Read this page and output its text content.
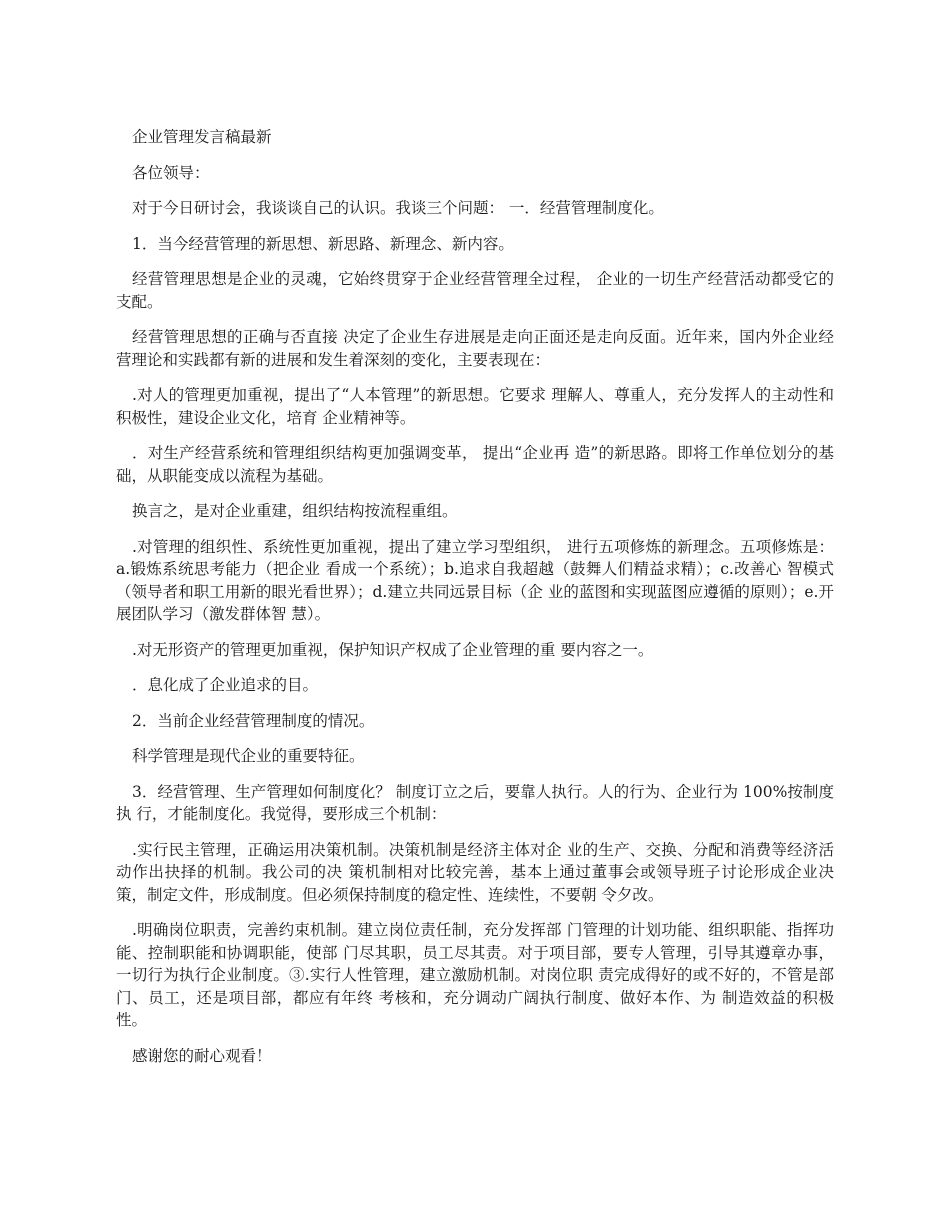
企业管理发言稿最新

各位领导：

对于今日研讨会，我谈谈自己的认识。我谈三个问题： 一．经营管理制度化。

1．当今经营管理的新思想、新思路、新理念、新内容。

经营管理思想是企业的灵魂，它始终贯穿于企业经营管理全过程， 企业的一切生产经营活动都受它的支配。

经营管理思想的正确与否直接 决定了企业生存进展是走向正面还是走向反面。近年来，国内外企业经 营理论和实践都有新的进展和发生着深刻的变化，主要表现在：

.对人的管理更加重视，提出了“人本管理”的新思想。它要求 理解人、尊重人，充分发挥人的主动性和积极性，建设企业文化，培育 企业精神等。

．对生产经营系统和管理组织结构更加强调变革， 提出“企业再 造”的新思路。即将工作单位划分的基础，从职能变成以流程为基础。

换言之，是对企业重建，组织结构按流程重组。

.对管理的组织性、系统性更加重视，提出了建立学习型组织， 进行五项修炼的新理念。五项修炼是：a.锻炼系统思考能力（把企业 看成一个系统）；b.追求自我超越（鼓舞人们精益求精）；c.改善心 智模式（领导者和职工用新的眼光看世界）；d.建立共同远景目标（企 业的蓝图和实现蓝图应遵循的原则）；e.开展团队学习（激发群体智 慧）。

.对无形资产的管理更加重视，保护知识产权成了企业管理的重 要内容之一。

．息化成了企业追求的目。

2．当前企业经营管理制度的情况。

科学管理是现代企业的重要特征。

3．经营管理、生产管理如何制度化？ 制度订立之后，要靠人执行。人的行为、企业行为 100%按制度执 行，才能制度化。我觉得，要形成三个机制：

.实行民主管理，正确运用决策机制。决策机制是经济主体对企 业的生产、交换、分配和消费等经济活动作出抉择的机制。我公司的决 策机制相对比较完善，基本上通过董事会或领导班子讨论形成企业决 策，制定文件，形成制度。但必须保持制度的稳定性、连续性，不要朝 令夕改。

.明确岗位职责，完善约束机制。建立岗位责任制，充分发挥部 门管理的计划功能、组织职能、指挥功能、控制职能和协调职能，使部 门尽其职，员工尽其责。对于项目部，要专人管理，引导其遵章办事， 一切行为执行企业制度。③.实行人性管理，建立激励机制。对岗位职 责完成得好的或不好的，不管是部门、员工，还是项目部，都应有年终 考核和，充分调动广阔执行制度、做好本作、为 制造效益的积极性。

感谢您的耐心观看！
